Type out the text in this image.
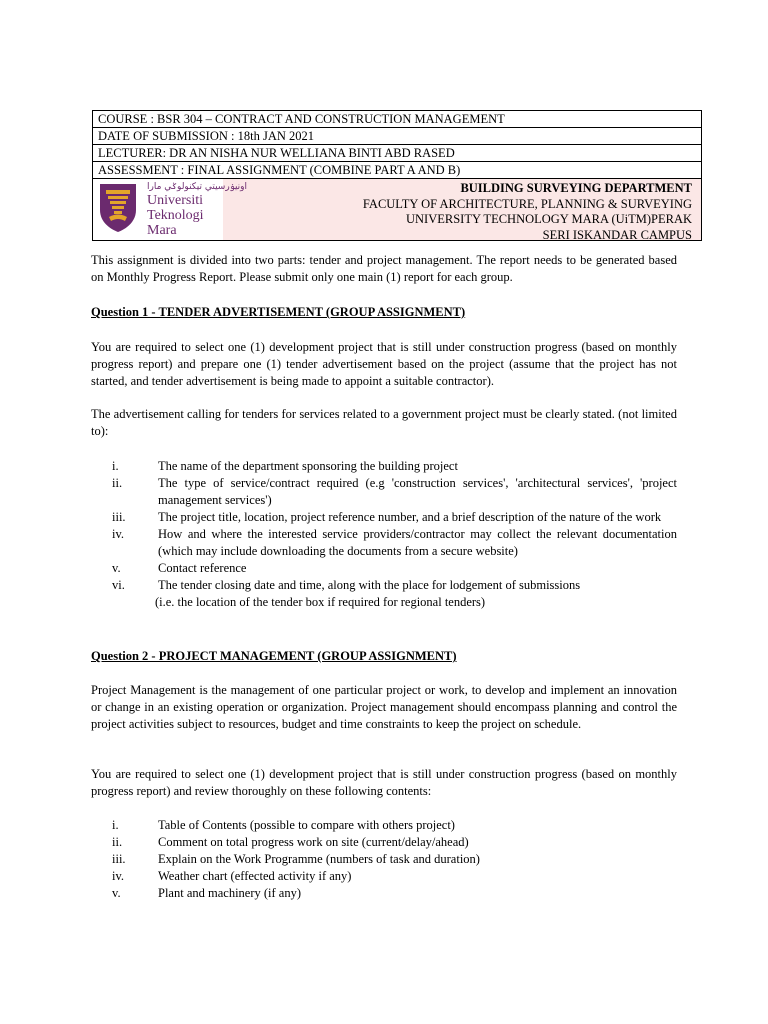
COURSE : BSR 304 – CONTRACT AND CONSTRUCTION MANAGEMENT
DATE OF SUBMISSION : 18th JAN 2021
LECTURER: DR AN NISHA NUR WELLIANA BINTI ABD RASED
ASSESSMENT : FINAL ASSIGNMENT (COMBINE PART A AND B)
اونيۏرسيتي تيكنولوݢي مارا
Universiti
Teknologi
Mara
BUILDING SURVEYING DEPARTMENT
FACULTY OF ARCHITECTURE, PLANNING & SURVEYING
UNIVERSITY TECHNOLOGY MARA (UiTM)PERAK
SERI ISKANDAR CAMPUS
This assignment is divided into two parts: tender and project management. The report needs to be generated based on Monthly Progress Report. Please submit only one main (1) report for each group.
Question 1 - TENDER ADVERTISEMENT (GROUP ASSIGNMENT)
You are required to select one (1) development project that is still under construction progress (based on monthly progress report) and prepare one (1) tender advertisement based on the project (assume that the project has not started, and tender advertisement is being made to appoint a suitable contractor).
The advertisement calling for tenders for services related to a government project must be clearly stated. (not limited to):
i.	The name of the department sponsoring the building project
ii.	The type of service/contract required (e.g 'construction services', 'architectural services', 'project management services')
iii.	The project title, location, project reference number, and a brief description of the nature of the work
iv.	How and where the interested service providers/contractor may collect the relevant documentation (which may include downloading the documents from a secure website)
v.	Contact reference
vi.	The tender closing date and time, along with the place for lodgement of submissions
(i.e. the location of the tender box if required for regional tenders)
Question 2 - PROJECT MANAGEMENT (GROUP ASSIGNMENT)
Project Management is the management of one particular project or work, to develop and implement an innovation or change in an existing operation or organization. Project management should encompass planning and control the project activities subject to resources, budget and time constraints to keep the project on schedule.
You are required to select one (1) development project that is still under construction progress (based on monthly progress report) and review thoroughly on these following contents:
i.	Table of Contents (possible to compare with others project)
ii.	Comment on total progress work on site (current/delay/ahead)
iii.	Explain on the Work Programme (numbers of task and duration)
iv.	Weather chart (effected activity if any)
v.	Plant and machinery (if any)
